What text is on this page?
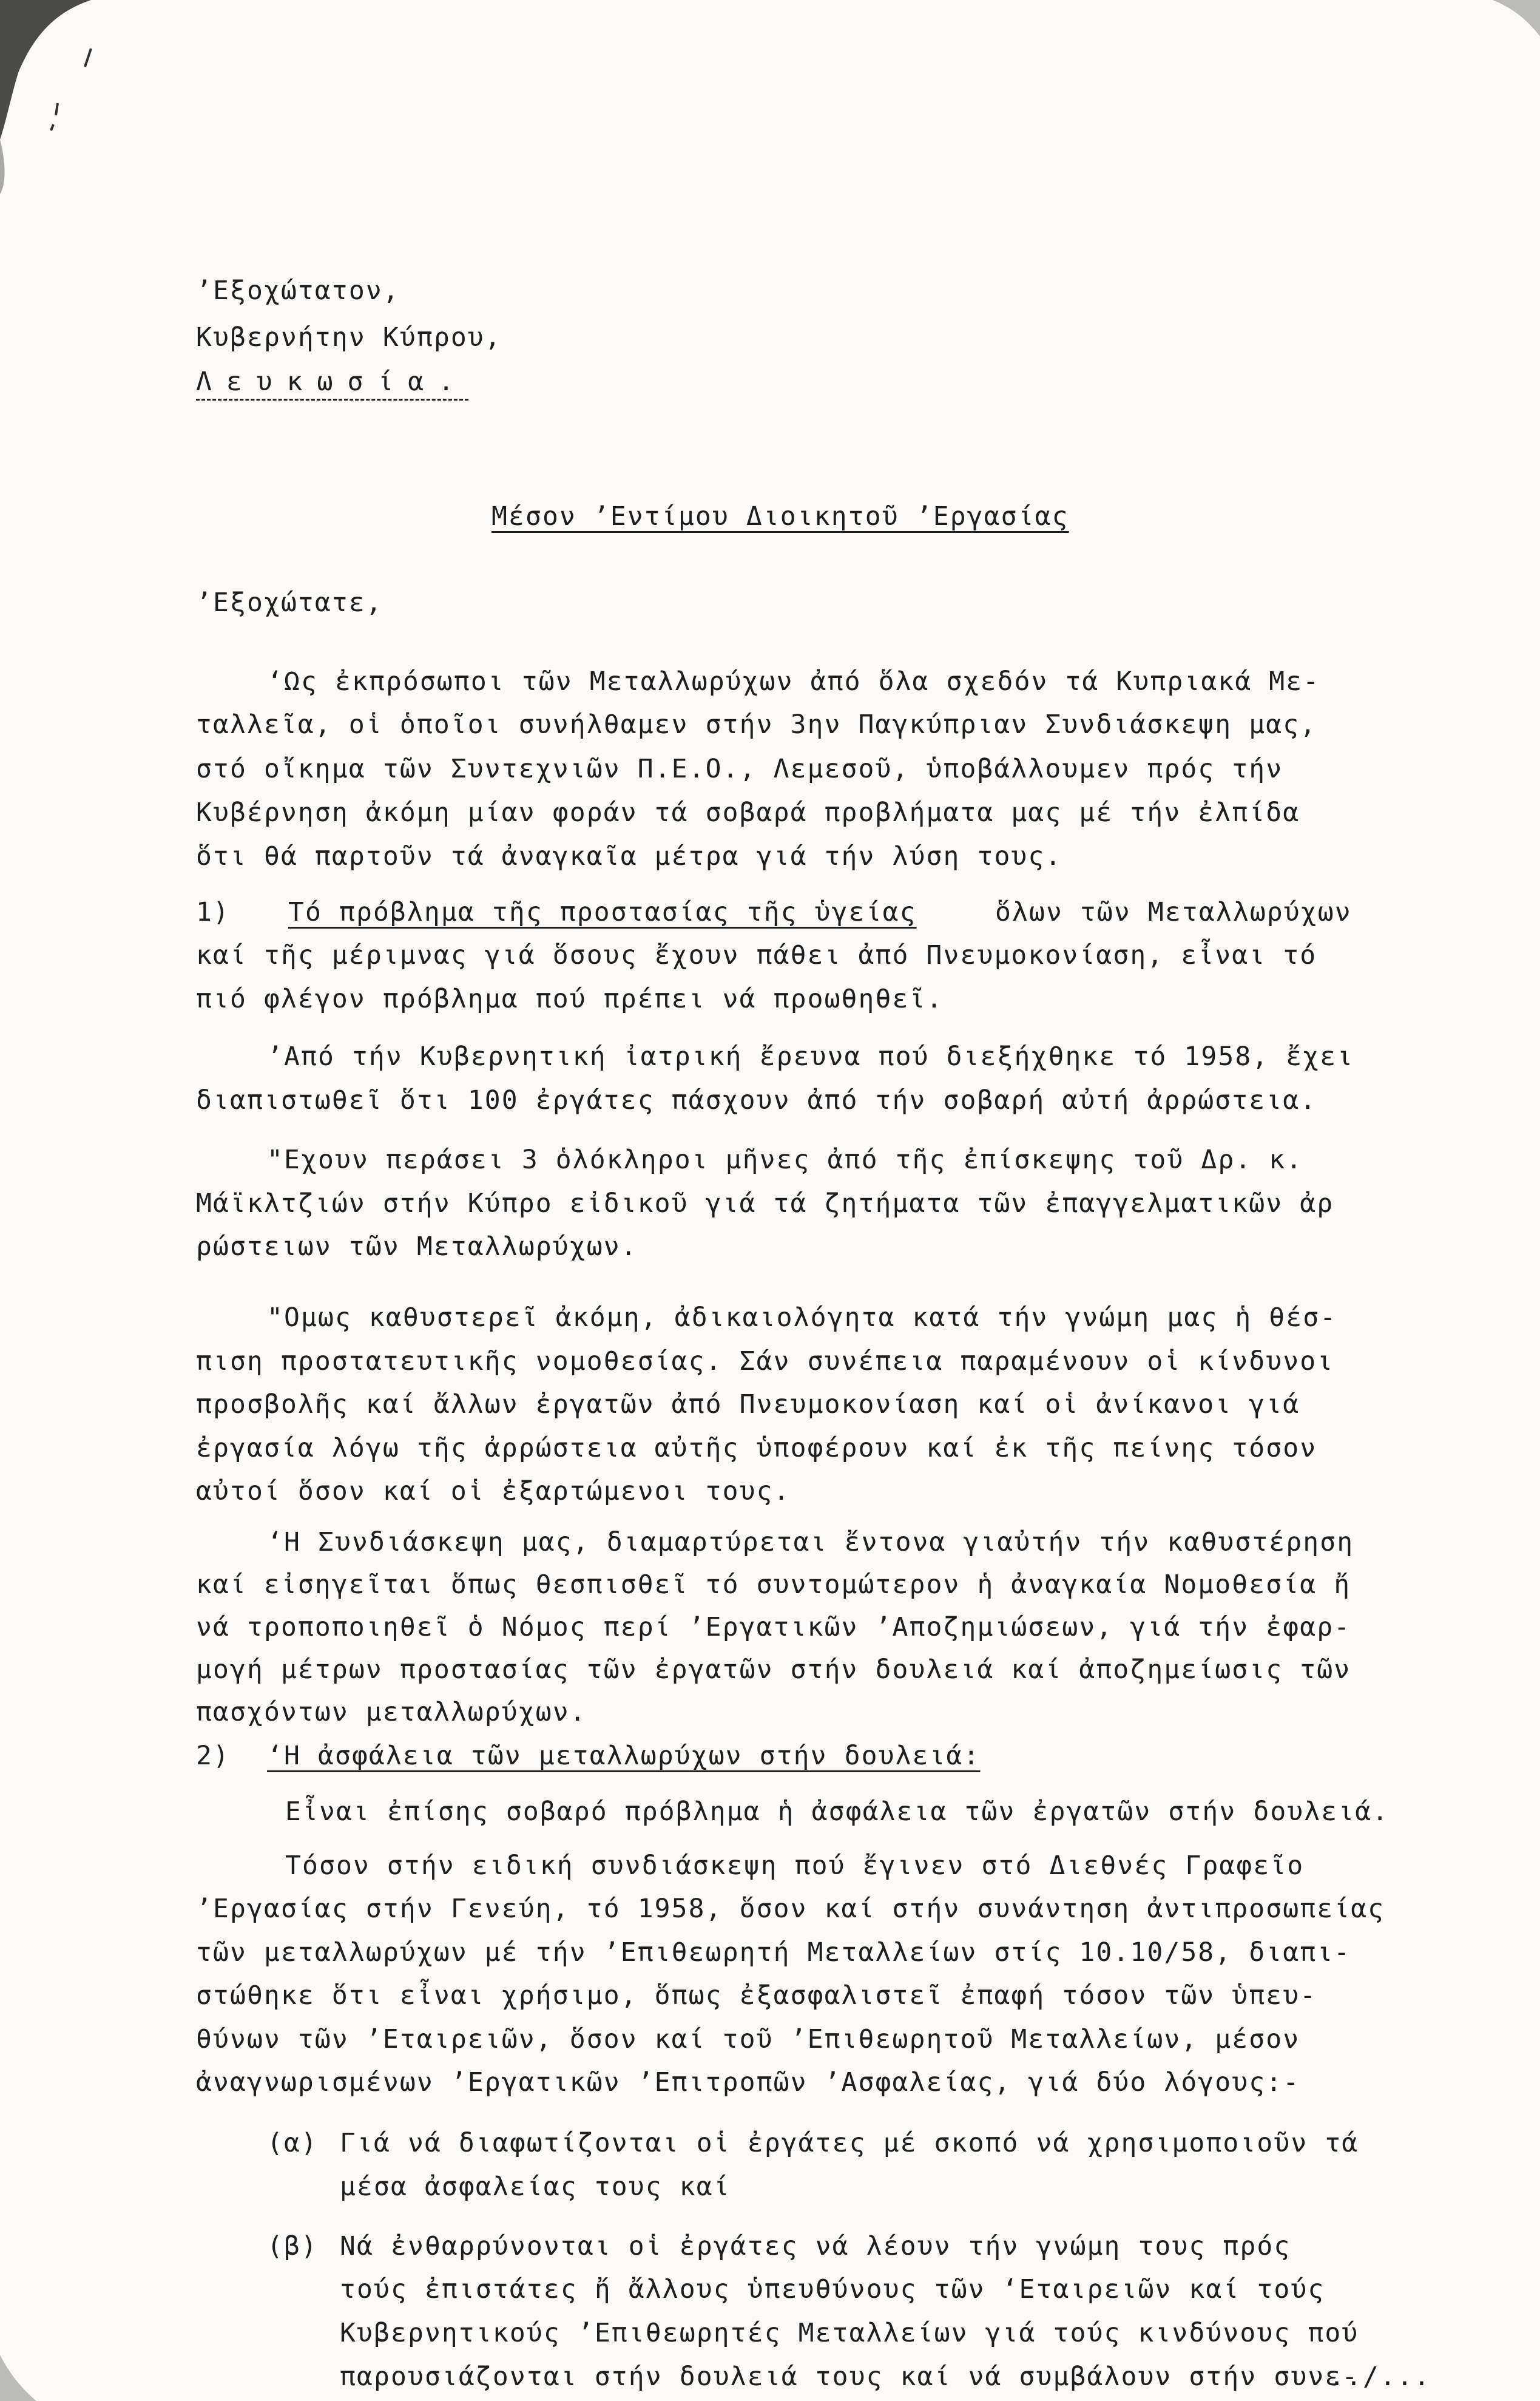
’Εξοχώτατον,
Κυβερνήτην Κύπρου,
Λευκωσία.
Μέσον ’Εντίμου Διοικητοῦ ’Εργασίας
’Εξοχώτατε,
‘Ως ἐκπρόσωποι τῶν Μεταλλωρύχων ἀπό ὅλα σχεδόν τά Κυπριακά Με-
ταλλεῖα, οἱ ὁποῖοι συνήλθαμεν στήν 3ην Παγκύπριαν Συνδιάσκεψη μας,
στό οἴκημα τῶν Συντεχνιῶν Π.Ε.Ο., Λεμεσοῦ, ὑποβάλλουμεν πρός τήν
Κυβέρνηση ἀκόμη μίαν φοράν τά σοβαρά προβλήματα μας μέ τήν ἐλπίδα
ὅτι θά παρτοῦν τά ἀναγκαῖα μέτρα γιά τήν λύση τους.
1) Τό πρόβλημα τῆς προστασίας τῆς ὑγείας	ὅλων τῶν Μεταλλωρύχων
καί τῆς μέριμνας γιά ὅσους ἔχουν πάθει ἀπό Πνευμοκονίαση, εἶναι τό
πιό φλέγον πρόβλημα πού πρέπει νά προωθηθεῖ.
’Από τήν Κυβερνητική ἰατρική ἔρευνα πού διεξήχθηκε τό 1958, ἔχει
διαπιστωθεῖ ὅτι 100 ἐργάτες πάσχουν ἀπό τήν σοβαρή αὐτή ἀρρώστεια.
"Εχουν περάσει 3 ὁλόκληροι μῆνες ἀπό τῆς ἐπίσκεψης τοῦ Δρ. κ.
Μάϊκλτζιών στήν Κύπρο εἰδικοῦ γιά τά ζητήματα τῶν ἐπαγγελματικῶν ἀρ
ρώστειων τῶν Μεταλλωρύχων.
"Ομως καθυστερεῖ ἀκόμη, ἀδικαιολόγητα κατά τήν γνώμη μας ἡ θέσ-
πιση προστατευτικῆς νομοθεσίας. Σάν συνέπεια παραμένουν οἱ κίνδυνοι
προσβολῆς καί ἄλλων ἐργατῶν ἀπό Πνευμοκονίαση καί οἱ ἀνίκανοι γιά
ἐργασία λόγω τῆς ἀρρώστεια αὐτῆς ὑποφέρουν καί ἐκ τῆς πείνης τόσον
αὐτοί ὅσον καί οἱ ἐξαρτώμενοι τους.
‘Η Συνδιάσκεψη μας, διαμαρτύρεται ἔντονα γιαὐτήν τήν καθυστέρηση
καί εἰσηγεῖται ὅπως θεσπισθεῖ τό συντομώτερον ἡ ἀναγκαία Νομοθεσία ἤ
νά τροποποιηθεῖ ὁ Νόμος περί ’Εργατικῶν ’Αποζημιώσεων, γιά τήν ἐφαρ-
μογή μέτρων προστασίας τῶν ἐργατῶν στήν δουλειά καί ἀποζημείωσις τῶν
πασχόντων μεταλλωρύχων.
2) ‘Η ἀσφάλεια τῶν μεταλλωρύχων στήν δουλειά:
Εἶναι ἐπίσης σοβαρό πρόβλημα ἡ ἀσφάλεια τῶν ἐργατῶν στήν δουλειά.
Τόσον στήν ειδική συνδιάσκεψη πού ἔγινεν στό Διεθνές Γραφεῖο
’Εργασίας στήν Γενεύη, τό 1958, ὅσον καί στήν συνάντηση ἀντιπροσωπείας
τῶν μεταλλωρύχων μέ τήν ’Επιθεωρητή Μεταλλείων στίς 10.10/58, διαπι-
στώθηκε ὅτι εἶναι χρήσιμο, ὅπως ἐξασφαλιστεῖ ἐπαφή τόσον τῶν ὑπευ-
θύνων τῶν ’Εταιρειῶν, ὅσον καί τοῦ ’Επιθεωρητοῦ Μεταλλείων, μέσον
ἀναγνωρισμένων ’Εργατικῶν ’Επιτροπῶν ’Ασφαλείας, γιά δύο λόγους:-
(α) Γιά νά διαφωτίζονται οἱ ἐργάτες μέ σκοπό νά χρησιμοποιοῦν τά
μέσα ἀσφαλείας τους καί
(β) Νά ἐνθαρρύνονται οἱ ἐργάτες νά λέουν τήν γνώμη τους πρός
τούς ἐπιστάτες ἤ ἄλλους ὑπευθύνους τῶν ‘Εταιρειῶν καί τούς
Κυβερνητικούς ’Επιθεωρητές Μεταλλείων γιά τούς κινδύνους πού
παρουσιάζονται στήν δουλειά τους καί νά συμβάλουν στήν συνε-
../...
